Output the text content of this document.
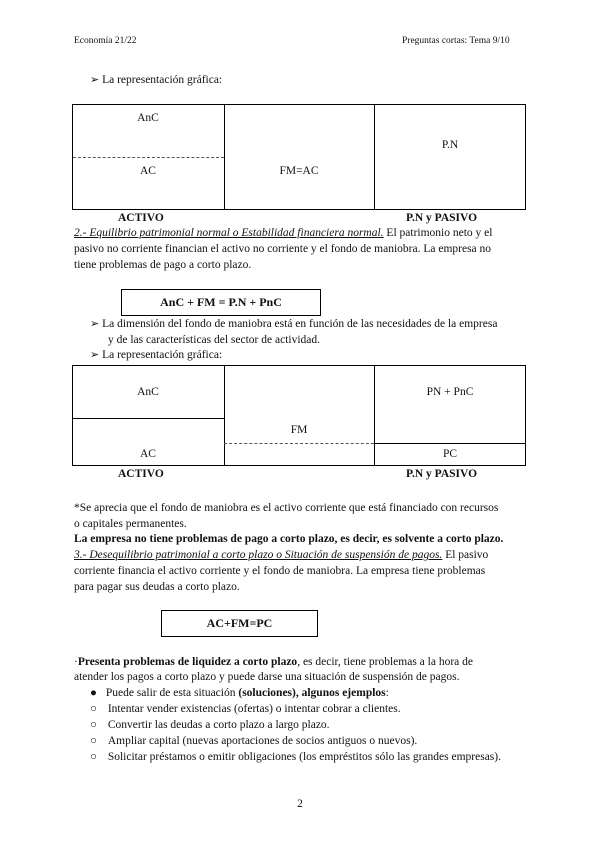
Economía 21/22	Preguntas cortas: Tema 9/10
➢ La representación gráfica:
AnC
AC	FM=AC
P.N
ACTIVO	P.N y PASIVO
2.- Equilibrio patrimonial normal o Estabilidad financiera normal. El patrimonio neto y el
pasivo no corriente financian el activo no corriente y el fondo de maniobra. La empresa no
tiene problemas de pago a corto plazo.
AnC + FM = P.N + PnC
➢ La dimensión del fondo de maniobra está en función de las necesidades de la empresa
y de las características del sector de actividad.
➢ La representación gráfica:
AnC
FM
AC
PN + PnC
PC
ACTIVO	P.N y PASIVO
*Se aprecia que el fondo de maniobra es el activo corriente que está financiado con recursos
o capitales permanentes.
La empresa no tiene problemas de pago a corto plazo, es decir, es solvente a corto plazo.
3.- Desequilibrio patrimonial a corto plazo o Situación de suspensión de pagos. El pasivo
corriente financia el activo corriente y el fondo de maniobra. La empresa tiene problemas
para pagar sus deudas a corto plazo.
AC+FM=PC
·Presenta problemas de liquidez a corto plazo, es decir, tiene problemas a la hora de
atender los pagos a corto plazo y puede darse una situación de suspensión de pagos.
● Puede salir de esta situación (soluciones), algunos ejemplos:
○ Intentar vender existencias (ofertas) o intentar cobrar a clientes.
○ Convertir las deudas a corto plazo a largo plazo.
○ Ampliar capital (nuevas aportaciones de socios antiguos o nuevos).
○ Solicitar préstamos o emitir obligaciones (los empréstitos sólo las grandes empresas).
2
